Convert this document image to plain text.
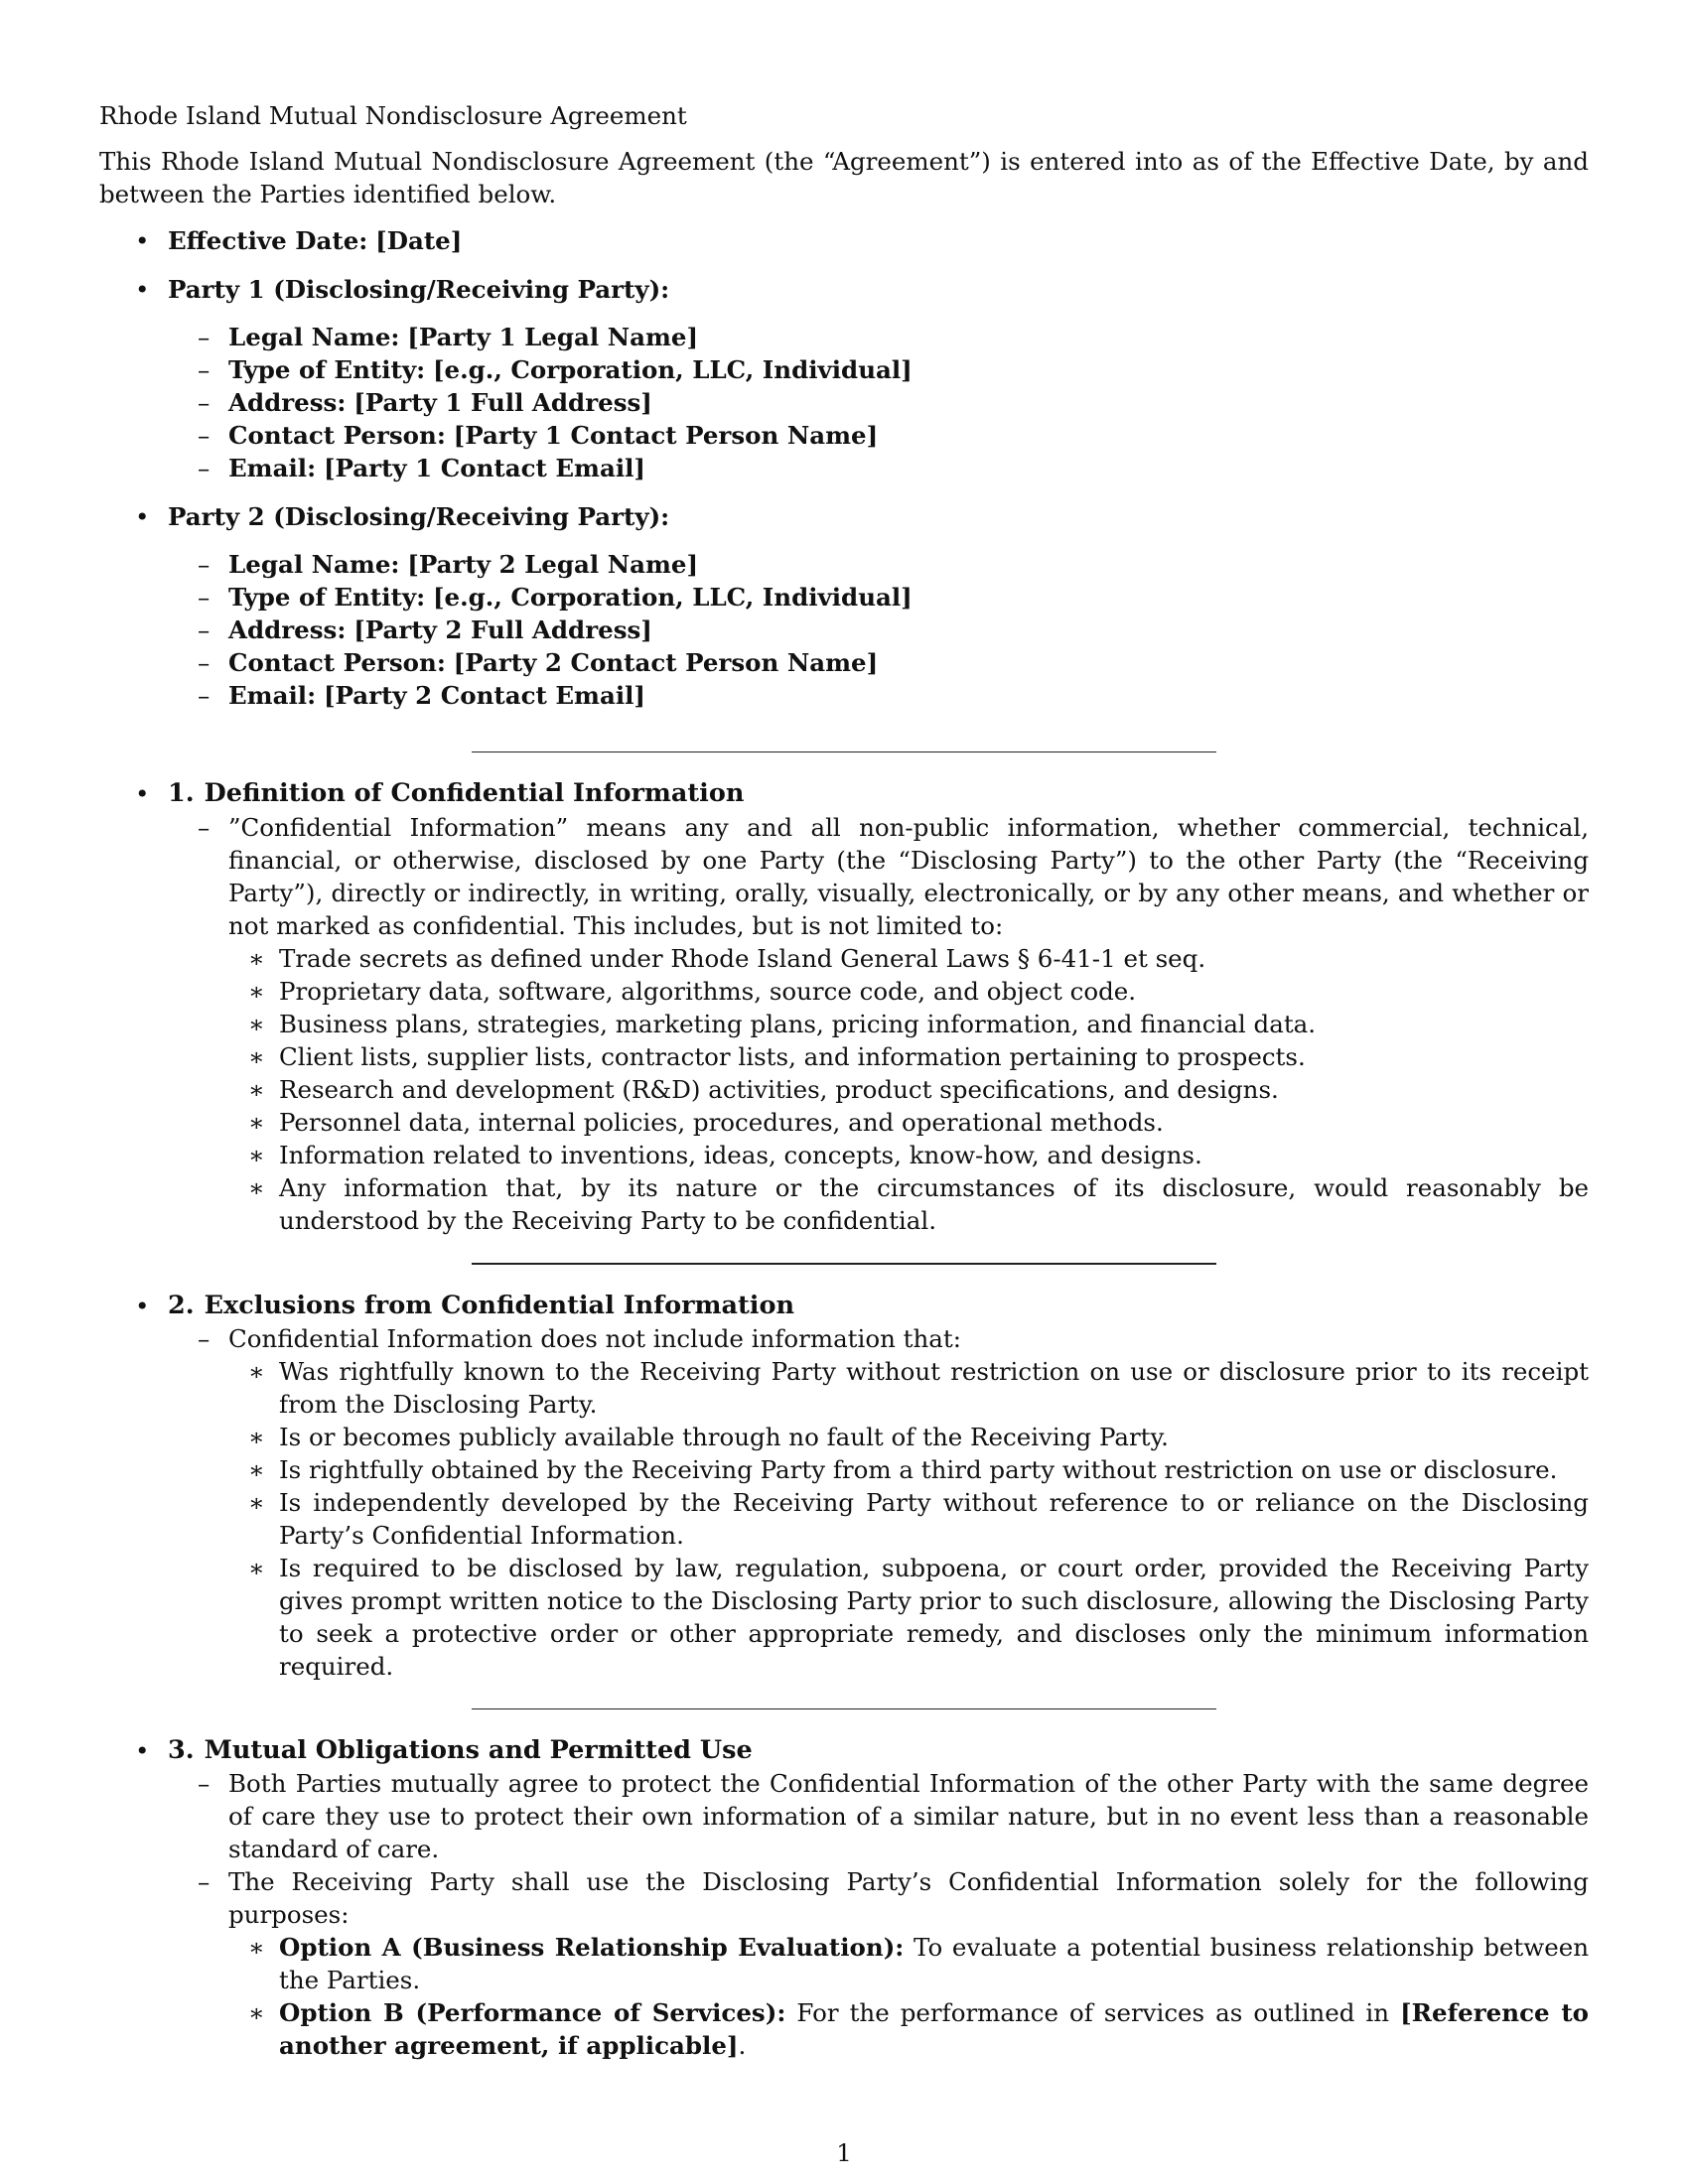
Rhode Island Mutual Nondisclosure Agreement

This Rhode Island Mutual Nondisclosure Agreement (the “Agreement”) is entered into as of the Effective Date, by and between the Parties identified below.

• Effective Date: [Date]
• Party 1 (Disclosing/Receiving Party):
– Legal Name: [Party 1 Legal Name]
– Type of Entity: [e.g., Corporation, LLC, Individual]
– Address: [Party 1 Full Address]
– Contact Person: [Party 1 Contact Person Name]
– Email: [Party 1 Contact Email]
• Party 2 (Disclosing/Receiving Party):
– Legal Name: [Party 2 Legal Name]
– Type of Entity: [e.g., Corporation, LLC, Individual]
– Address: [Party 2 Full Address]
– Contact Person: [Party 2 Contact Person Name]
– Email: [Party 2 Contact Email]
• 1. Definition of Confidential Information
– ”Confidential Information” means any and all non-public information, whether commercial, technical, financial, or otherwise, disclosed by one Party (the “Disclosing Party”) to the other Party (the “Receiving Party”), directly or indirectly, in writing, orally, visually, electronically, or by any other means, and whether or not marked as confidential. This includes, but is not limited to:
∗ Trade secrets as defined under Rhode Island General Laws § 6-41-1 et seq.
∗ Proprietary data, software, algorithms, source code, and object code.
∗ Business plans, strategies, marketing plans, pricing information, and financial data.
∗ Client lists, supplier lists, contractor lists, and information pertaining to prospects.
∗ Research and development (R&D) activities, product specifications, and designs.
∗ Personnel data, internal policies, procedures, and operational methods.
∗ Information related to inventions, ideas, concepts, know-how, and designs.
∗ Any information that, by its nature or the circumstances of its disclosure, would reasonably be understood by the Receiving Party to be confidential.
• 2. Exclusions from Confidential Information
– Confidential Information does not include information that:
∗ Was rightfully known to the Receiving Party without restriction on use or disclosure prior to its receipt from the Disclosing Party.
∗ Is or becomes publicly available through no fault of the Receiving Party.
∗ Is rightfully obtained by the Receiving Party from a third party without restriction on use or disclosure.
∗ Is independently developed by the Receiving Party without reference to or reliance on the Disclosing Party’s Confidential Information.
∗ Is required to be disclosed by law, regulation, subpoena, or court order, provided the Receiving Party gives prompt written notice to the Disclosing Party prior to such disclosure, allowing the Disclosing Party to seek a protective order or other appropriate remedy, and discloses only the minimum information required.
• 3. Mutual Obligations and Permitted Use
– Both Parties mutually agree to protect the Confidential Information of the other Party with the same degree of care they use to protect their own information of a similar nature, but in no event less than a reasonable standard of care.
– The Receiving Party shall use the Disclosing Party’s Confidential Information solely for the following purposes:
∗ Option A (Business Relationship Evaluation): To evaluate a potential business relationship between the Parties.
∗ Option B (Performance of Services): For the performance of services as outlined in [Reference to another agreement, if applicable].
1
